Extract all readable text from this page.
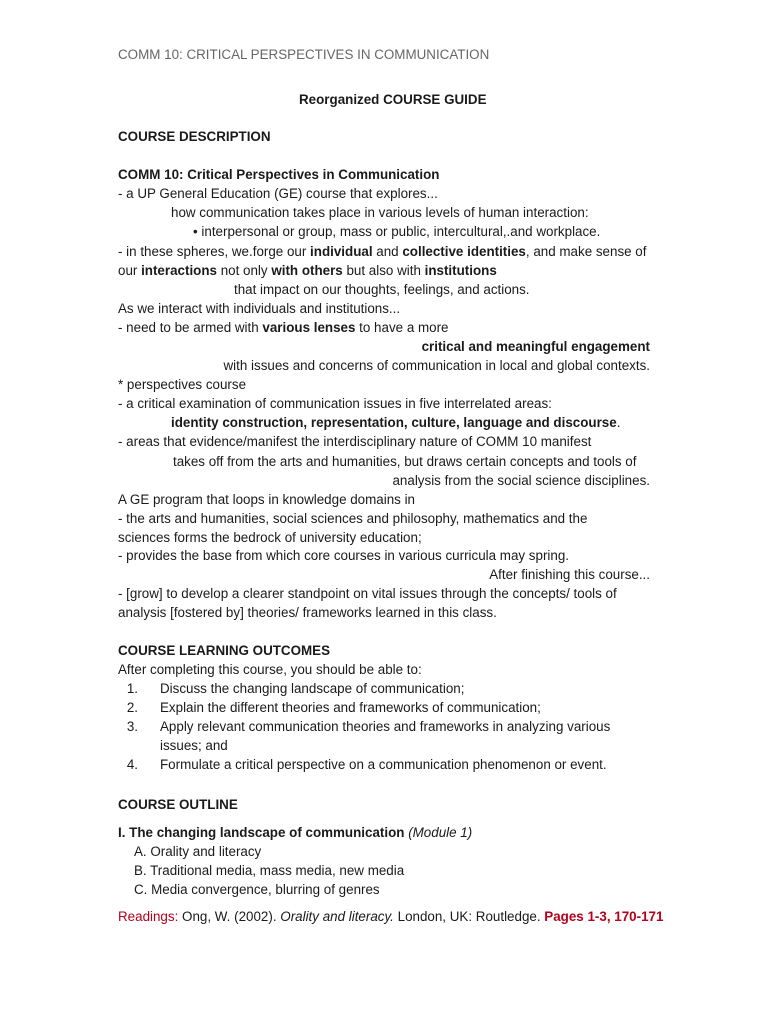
COMM 10: CRITICAL PERSPECTIVES IN COMMUNICATION
Reorganized COURSE GUIDE
COURSE DESCRIPTION
COMM 10: Critical Perspectives in Communication
- a UP General Education (GE) course that explores...
how communication takes place in various levels of human interaction:
• interpersonal or group, mass or public, intercultural,.and workplace.
- in these spheres, we.forge our individual and collective identities, and make sense of
our interactions not only with others but also with institutions
that impact on our thoughts, feelings, and actions.
As we interact with individuals and institutions...
- need to be armed with various lenses to have a more
critical and meaningful engagement
with issues and concerns of communication in local and global contexts.
* perspectives course
- a critical examination of communication issues in five interrelated areas:
identity construction, representation, culture, language and discourse.
- areas that evidence/manifest the interdisciplinary nature of COMM 10 manifest
takes off from the arts and humanities, but draws certain concepts and tools of
analysis from the social science disciplines.
A GE program that loops in knowledge domains in
- the arts and humanities, social sciences and philosophy, mathematics and the
sciences forms the bedrock of university education;
- provides the base from which core courses in various curricula may spring.
After finishing this course...
- [grow] to develop a clearer standpoint on vital issues through the concepts/ tools of
analysis [fostered by] theories/ frameworks learned in this class.
COURSE LEARNING OUTCOMES
After completing this course, you should be able to:
1. Discuss the changing landscape of communication;
2. Explain the different theories and frameworks of communication;
3. Apply relevant communication theories and frameworks in analyzing various
issues; and
4. Formulate a critical perspective on a communication phenomenon or event.
COURSE OUTLINE
I. The changing landscape of communication (Module 1)
A. Orality and literacy
B. Traditional media, mass media, new media
C. Media convergence, blurring of genres
Readings: Ong, W. (2002). Orality and literacy. London, UK: Routledge. Pages 1-3, 170-171
